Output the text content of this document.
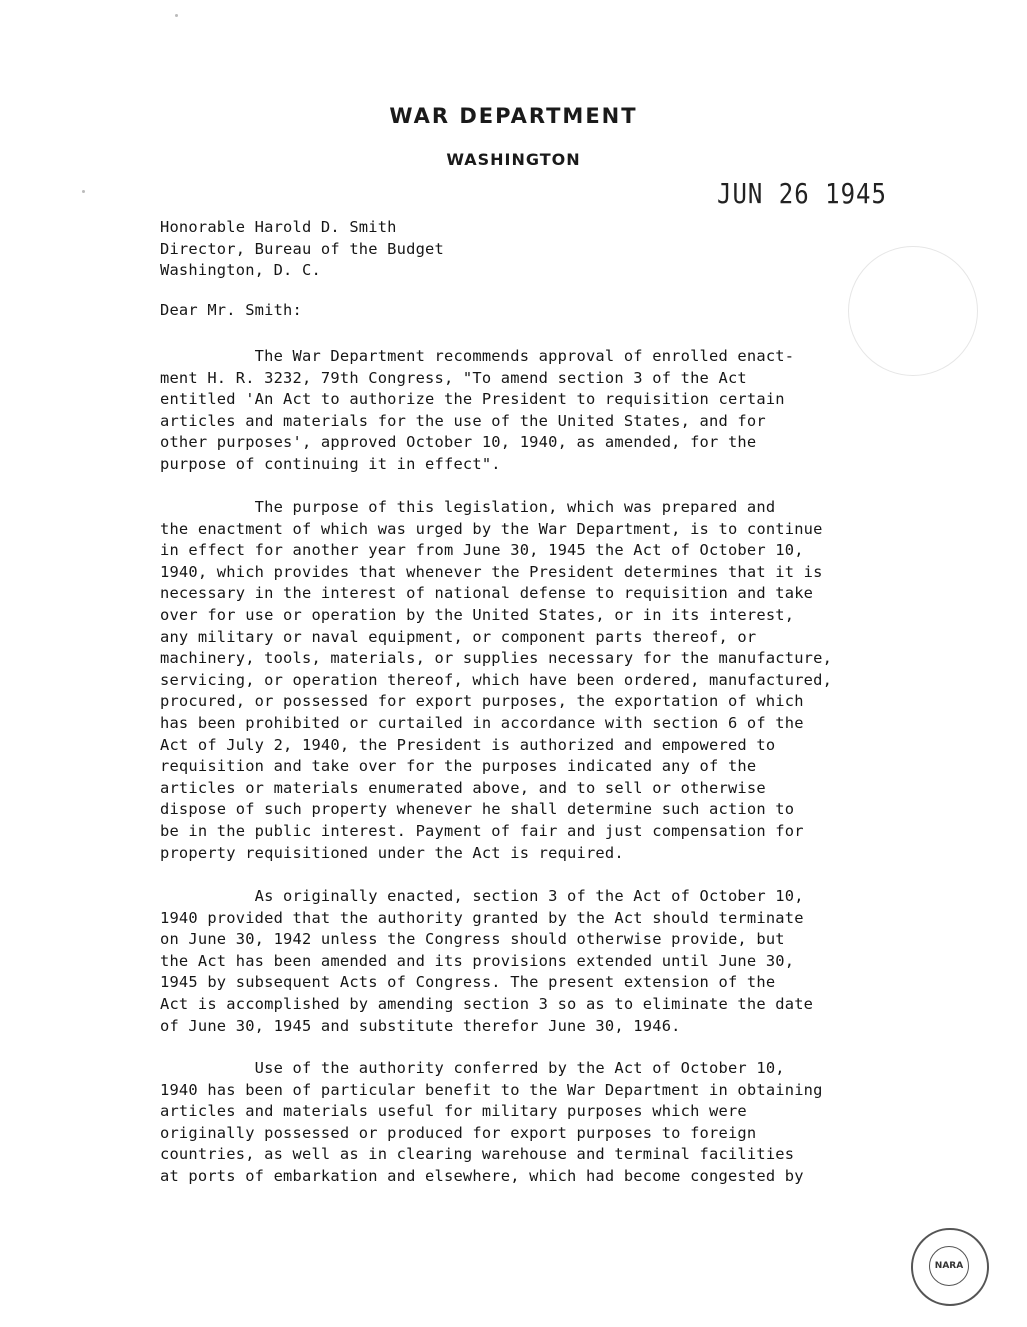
WAR DEPARTMENT
WASHINGTON
JUN 26 1945
Honorable Harold D. Smith
Director, Bureau of the Budget
Washington, D. C.
Dear Mr. Smith:
The War Department recommends approval of enrolled enact-
ment H. R. 3232, 79th Congress, "To amend section 3 of the Act
entitled 'An Act to authorize the President to requisition certain
articles and materials for the use of the United States, and for
other purposes', approved October 10, 1940, as amended, for the
purpose of continuing it in effect".
The purpose of this legislation, which was prepared and
the enactment of which was urged by the War Department, is to continue
in effect for another year from June 30, 1945 the Act of October 10,
1940, which provides that whenever the President determines that it is
necessary in the interest of national defense to requisition and take
over for use or operation by the United States, or in its interest,
any military or naval equipment, or component parts thereof, or
machinery, tools, materials, or supplies necessary for the manufacture,
servicing, or operation thereof, which have been ordered, manufactured,
procured, or possessed for export purposes, the exportation of which
has been prohibited or curtailed in accordance with section 6 of the
Act of July 2, 1940, the President is authorized and empowered to
requisition and take over for the purposes indicated any of the
articles or materials enumerated above, and to sell or otherwise
dispose of such property whenever he shall determine such action to
be in the public interest. Payment of fair and just compensation for
property requisitioned under the Act is required.
As originally enacted, section 3 of the Act of October 10,
1940 provided that the authority granted by the Act should terminate
on June 30, 1942 unless the Congress should otherwise provide, but
the Act has been amended and its provisions extended until June 30,
1945 by subsequent Acts of Congress. The present extension of the
Act is accomplished by amending section 3 so as to eliminate the date
of June 30, 1945 and substitute therefor June 30, 1946.
Use of the authority conferred by the Act of October 10,
1940 has been of particular benefit to the War Department in obtaining
articles and materials useful for military purposes which were
originally possessed or produced for export purposes to foreign
countries, as well as in clearing warehouse and terminal facilities
at ports of embarkation and elsewhere, which had become congested by
NARA
